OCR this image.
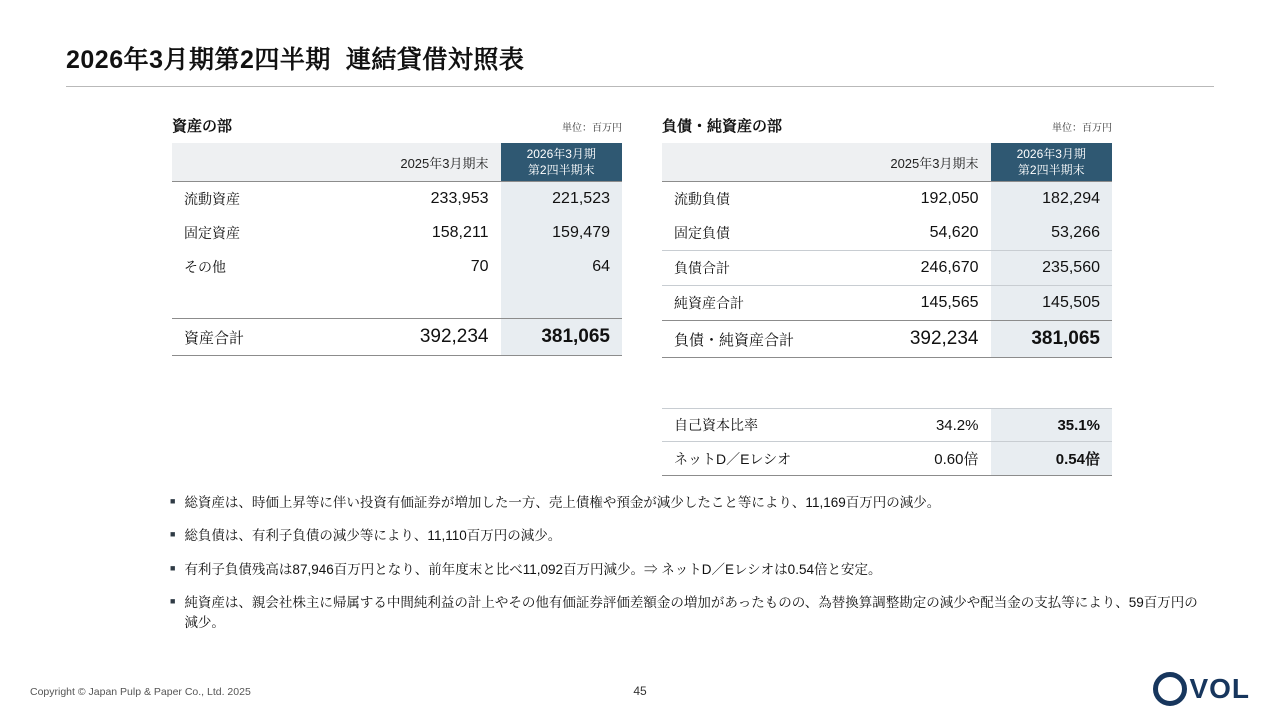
2026年3月期第2四半期  連結貸借対照表
資産の部	単位：百万円
	2025年3月期末	2026年3月期
第2四半期末

流動資産	233,953	221,523
固定資産	158,211	159,479
その他	70	64

資産合計	392,234	381,065
負債・純資産の部	単位：百万円
	2025年3月期末	2026年3月期
第2四半期末

流動負債	192,050	182,294
固定負債	54,620	53,266
負債合計	246,670	235,560
純資産合計	145,565	145,505
負債・純資産合計	392,234	381,065
自己資本比率	34.2%	35.1%
ネットD／Eレシオ	0.60倍	0.54倍
■ 総資産は、時価上昇等に伴い投資有価証券が増加した一方、売上債権や預金が減少したこと等により、11,169百万円の減少。
■ 総負債は、有利子負債の減少等により、11,110百万円の減少。
■ 有利子負債残高は87,946百万円となり、前年度末と比べ11,092百万円減少。⇒ ネットD／Eレシオは0.54倍と安定。
■ 純資産は、親会社株主に帰属する中間純利益の計上やその他有価証券評価差額金の増加があったものの、為替換算調整勘定の減少や配当金の支払等により、59百万円の減少。
Copyright © Japan Pulp & Paper Co., Ltd. 2025	45	VOL
